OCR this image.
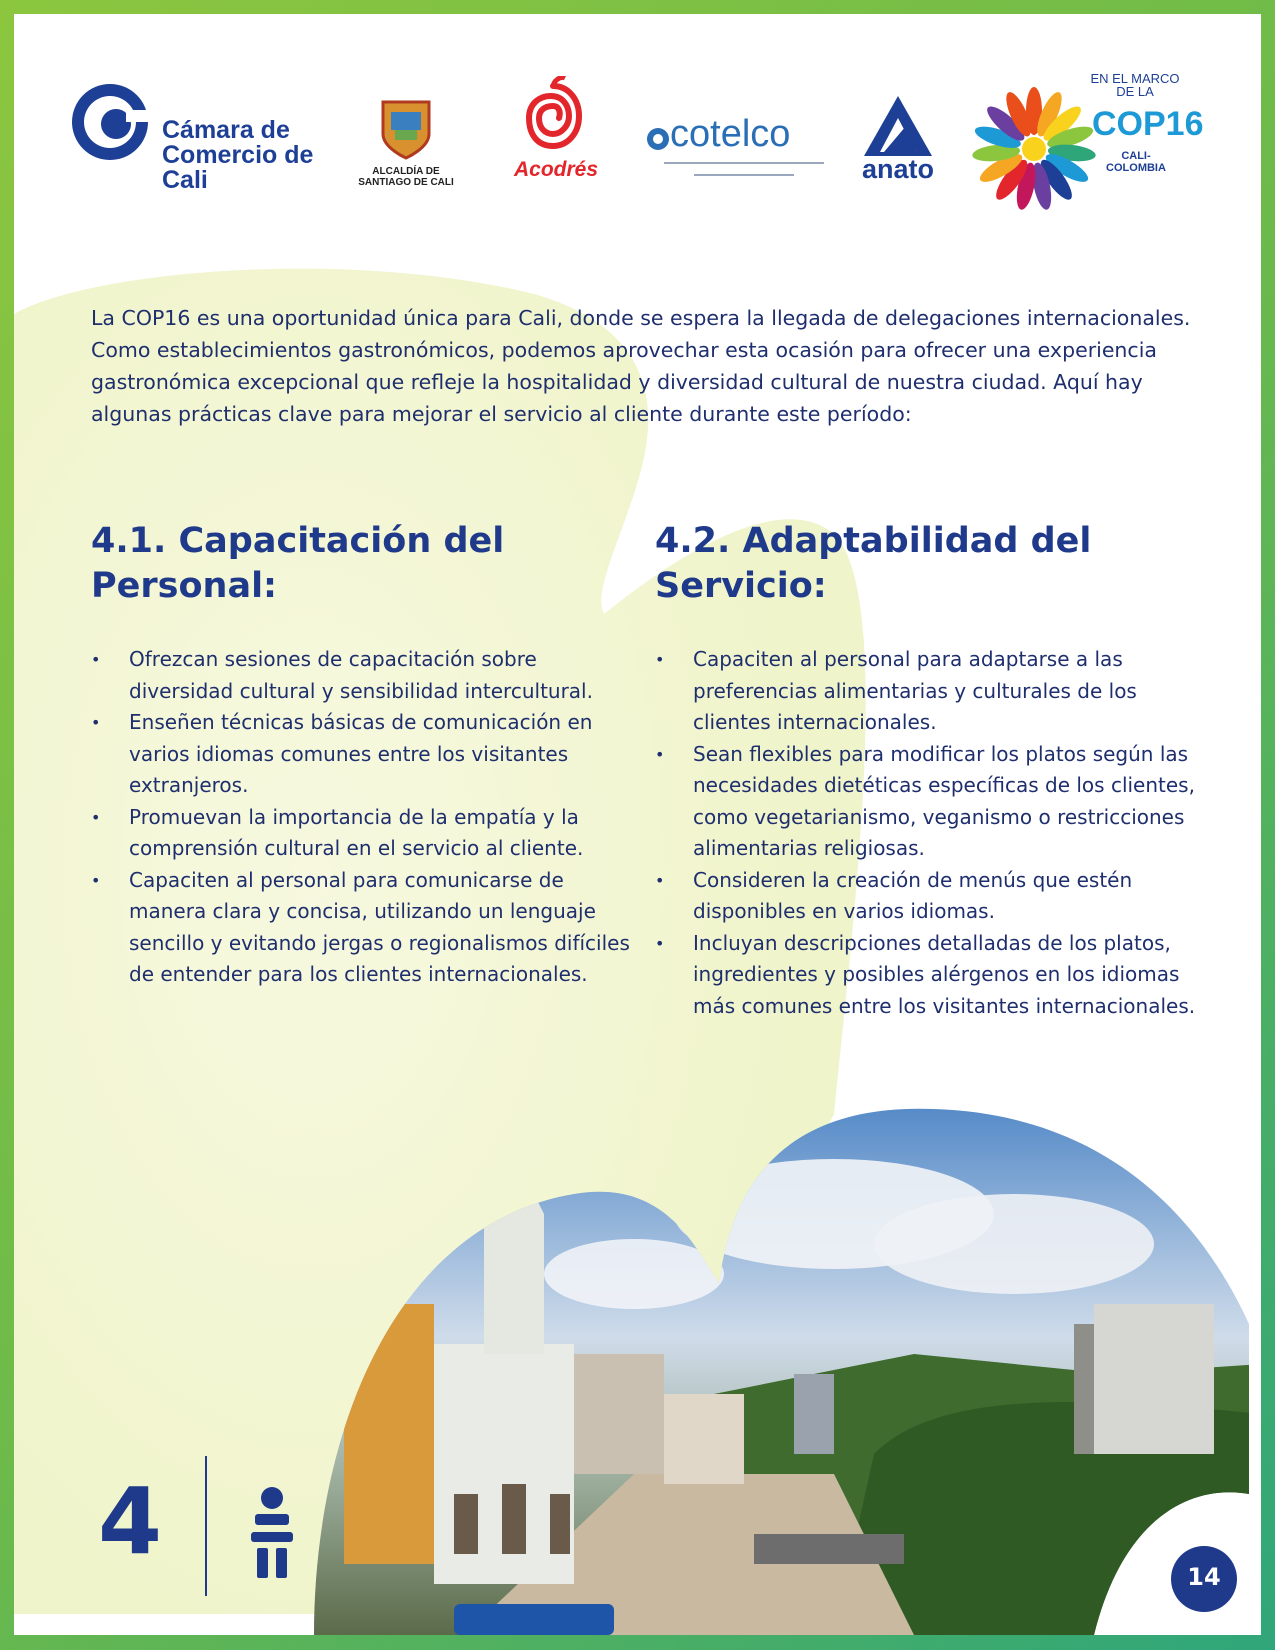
Cámara de
Comercio de
Cali	ALCALDÍA DE
SANTIAGO DE CALI
Acodrés
cotelco
anato
EN EL MARCO
DE LA
COP16
CALI-COLOMBIA
La COP16 es una oportunidad única para Cali, donde se espera la llegada de delegaciones internacionales. Como establecimientos gastronómicos, podemos aprovechar esta ocasión para ofrecer una experiencia gastronómica excepcional que refleje la hospitalidad y diversidad cultural de nuestra ciudad. Aquí hay algunas prácticas clave para mejorar el servicio al cliente durante este período:
4.1. Capacitación del
Personal:
• Ofrezcan sesiones de capacitación sobre diversidad cultural y sensibilidad intercultural.
• Enseñen técnicas básicas de comunicación en varios idiomas comunes entre los visitantes extranjeros.
• Promuevan la importancia de la empatía y la comprensión cultural en el servicio al cliente.
• Capaciten al personal para comunicarse de manera clara y concisa, utilizando un lenguaje sencillo y evitando jergas o regionalismos difíciles de entender para los clientes internacionales.
4.2. Adaptabilidad del
Servicio:
• Capaciten al personal para adaptarse a las preferencias alimentarias y culturales de los clientes internacionales.
• Sean flexibles para modificar los platos según las necesidades dietéticas específicas de los clientes, como vegetarianismo, veganismo o restricciones alimentarias religiosas.
• Consideren la creación de menús que estén disponibles en varios idiomas.
• Incluyan descripciones detalladas de los platos, ingredientes y posibles alérgenos en los idiomas más comunes entre los visitantes internacionales.
4
14
